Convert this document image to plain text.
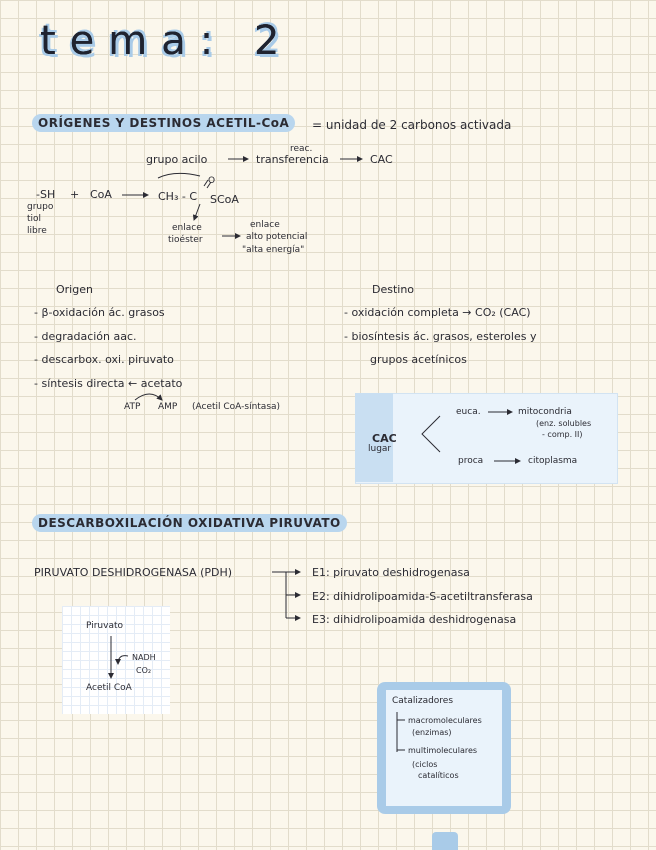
tema: 2
ORÍGENES Y DESTINOS ACETIL-CoA	= unidad de 2 carbonos activada
reac.
grupo acilo	transferencia	CAC
-SH + CoA	CH₃ - C
O
SCoA
grupo
tiol
libre	enlace
tioéster
enlace
alto potencial
"alta energía"
Origen
- β-oxidación ác. grasos
- degradación aac.
- descarbox. oxi. piruvato
- síntesis directa ← acetato
ATP AMP (Acetil CoA-síntasa)
Destino
- oxidación completa → CO₂ (CAC)
- biosíntesis ác. grasos, esteroles y
grupos acetínicos
CAC
lugar
euca.	mitocondria
(enz. solubles
- comp. II)
proca	citoplasma
DESCARBOXILACIÓN OXIDATIVA PIRUVATO
PIRUVATO DESHIDROGENASA (PDH)	E1: piruvato deshidrogenasa
E2: dihidrolipoamida-S-acetiltransferasa
E3: dihidrolipoamida deshidrogenasa
Piruvato
NADH
CO₂
Acetil CoA
Catalizadores
macromoleculares
(enzimas)
multimoleculares
(ciclos
catalíticos
